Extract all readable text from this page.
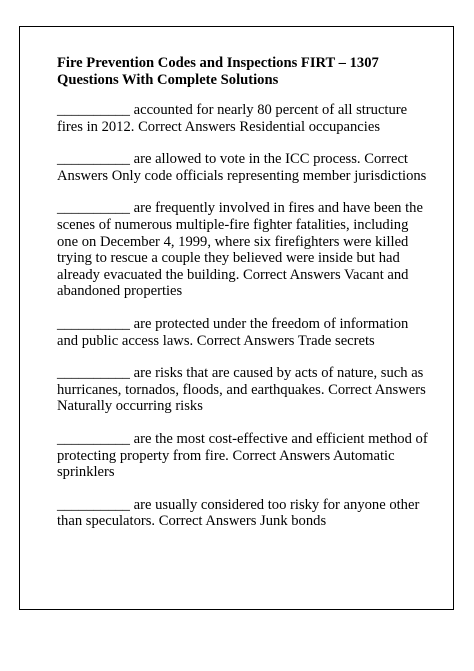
Fire Prevention Codes and Inspections FIRT – 1307
Questions With Complete Solutions

__________ accounted for nearly 80 percent of all structure fires in 2012. Correct Answers Residential occupancies

__________ are allowed to vote in the ICC process. Correct Answers Only code officials representing member jurisdictions

__________ are frequently involved in fires and have been the scenes of numerous multiple-fire fighter fatalities, including one on December 4, 1999, where six firefighters were killed trying to rescue a couple they believed were inside but had already evacuated the building. Correct Answers Vacant and abandoned properties

__________ are protected under the freedom of information and public access laws. Correct Answers Trade secrets

__________ are risks that are caused by acts of nature, such as hurricanes, tornados, floods, and earthquakes. Correct Answers Naturally occurring risks

__________ are the most cost-effective and efficient method of protecting property from fire. Correct Answers Automatic sprinklers

__________ are usually considered too risky for anyone other than speculators. Correct Answers Junk bonds
